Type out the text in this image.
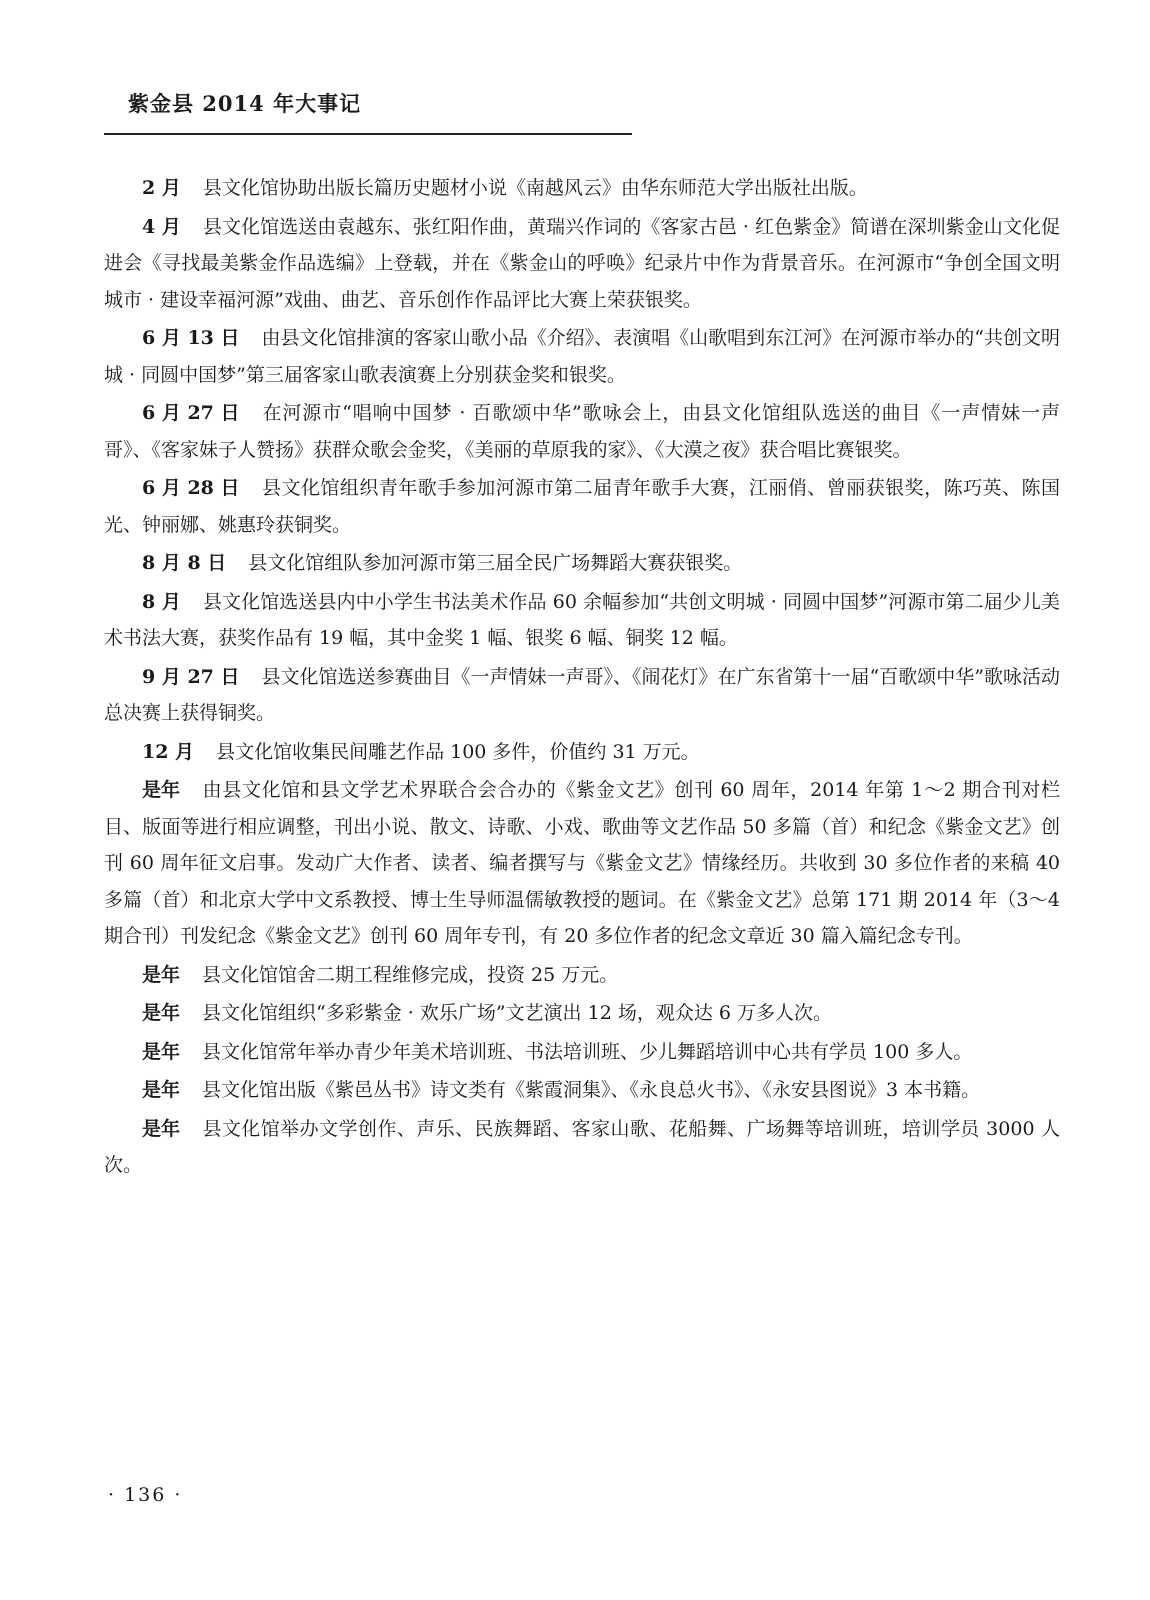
紫金县 2014 年大事记

2 月 县文化馆协助出版长篇历史题材小说《南越风云》由华东师范大学出版社出版。

4 月 县文化馆选送由袁越东、张红阳作曲，黄瑞兴作词的《客家古邑 · 红色紫金》简谱在深圳紫金山文化促进会《寻找最美紫金作品选编》上登载，并在《紫金山的呼唤》纪录片中作为背景音乐。在河源市“争创全国文明城市 · 建设幸福河源”戏曲、曲艺、音乐创作作品评比大赛上荣获银奖。

6 月 13 日 由县文化馆排演的客家山歌小品《介绍》、表演唱《山歌唱到东江河》在河源市举办的“共创文明城 · 同圆中国梦”第三届客家山歌表演赛上分别获金奖和银奖。

6 月 27 日 在河源市“唱响中国梦 · 百歌颂中华”歌咏会上，由县文化馆组队选送的曲目《一声情妹一声哥》、《客家妹子人赞扬》获群众歌会金奖，《美丽的草原我的家》、《大漠之夜》获合唱比赛银奖。

6 月 28 日 县文化馆组织青年歌手参加河源市第二届青年歌手大赛，江丽俏、曾丽获银奖，陈巧英、陈国光、钟丽娜、姚惠玲获铜奖。

8 月 8 日 县文化馆组队参加河源市第三届全民广场舞蹈大赛获银奖。

8 月 县文化馆选送县内中小学生书法美术作品 60 余幅参加“共创文明城 · 同圆中国梦”河源市第二届少儿美术书法大赛，获奖作品有 19 幅，其中金奖 1 幅、银奖 6 幅、铜奖 12 幅。

9 月 27 日 县文化馆选送参赛曲目《一声情妹一声哥》、《闹花灯》在广东省第十一届“百歌颂中华”歌咏活动总决赛上获得铜奖。

12 月 县文化馆收集民间雕艺作品 100 多件，价值约 31 万元。

是年 由县文化馆和县文学艺术界联合会合办的《紫金文艺》创刊 60 周年，2014 年第 1～2 期合刊对栏目、版面等进行相应调整，刊出小说、散文、诗歌、小戏、歌曲等文艺作品 50 多篇（首）和纪念《紫金文艺》创刊 60 周年征文启事。发动广大作者、读者、编者撰写与《紫金文艺》情缘经历。共收到 30 多位作者的来稿 40 多篇（首）和北京大学中文系教授、博士生导师温儒敏教授的题词。在《紫金文艺》总第 171 期 2014 年（3～4 期合刊）刊发纪念《紫金文艺》创刊 60 周年专刊，有 20 多位作者的纪念文章近 30 篇入篇纪念专刊。

是年 县文化馆馆舍二期工程维修完成，投资 25 万元。

是年 县文化馆组织“多彩紫金 · 欢乐广场”文艺演出 12 场，观众达 6 万多人次。

是年 县文化馆常年举办青少年美术培训班、书法培训班、少儿舞蹈培训中心共有学员 100 多人。

是年 县文化馆出版《紫邑丛书》诗文类有《紫霞洞集》、《永良总火书》、《永安县图说》3 本书籍。

是年 县文化馆举办文学创作、声乐、民族舞蹈、客家山歌、花船舞、广场舞等培训班，培训学员 3000 人次。

· 136 ·
